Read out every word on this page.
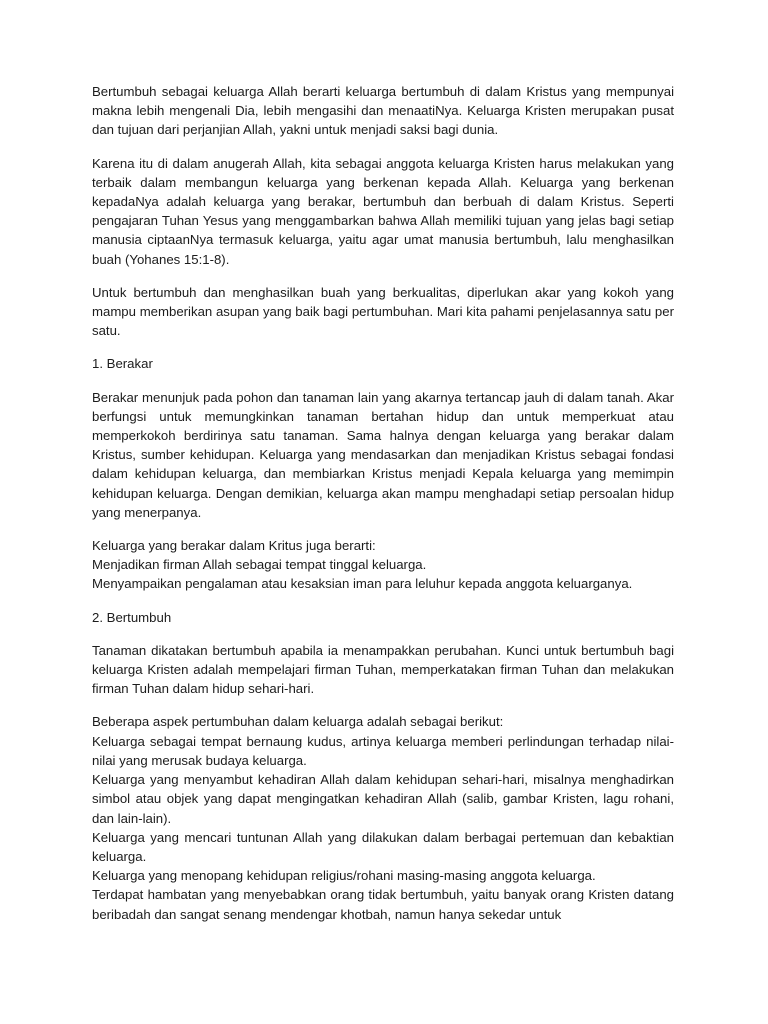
Bertumbuh sebagai keluarga Allah berarti keluarga bertumbuh di dalam Kristus yang mempunyai makna lebih mengenali Dia, lebih mengasihi dan menaatiNya. Keluarga Kristen merupakan pusat dan tujuan dari perjanjian Allah, yakni untuk menjadi saksi bagi dunia.

Karena itu di dalam anugerah Allah, kita sebagai anggota keluarga Kristen harus melakukan yang terbaik dalam membangun keluarga yang berkenan kepada Allah. Keluarga yang berkenan kepadaNya adalah keluarga yang berakar, bertumbuh dan berbuah di dalam Kristus. Seperti pengajaran Tuhan Yesus yang menggambarkan bahwa Allah memiliki tujuan yang jelas bagi setiap manusia ciptaanNya termasuk keluarga, yaitu agar umat manusia bertumbuh, lalu menghasilkan buah (Yohanes 15:1-8).

Untuk bertumbuh dan menghasilkan buah yang berkualitas, diperlukan akar yang kokoh yang mampu memberikan asupan yang baik bagi pertumbuhan. Mari kita pahami penjelasannya satu per satu.

1. Berakar

Berakar menunjuk pada pohon dan tanaman lain yang akarnya tertancap jauh di dalam tanah. Akar berfungsi untuk memungkinkan tanaman bertahan hidup dan untuk memperkuat atau memperkokoh berdirinya satu tanaman. Sama halnya dengan keluarga yang berakar dalam Kristus, sumber kehidupan. Keluarga yang mendasarkan dan menjadikan Kristus sebagai fondasi dalam kehidupan keluarga, dan membiarkan Kristus menjadi Kepala keluarga yang memimpin kehidupan keluarga. Dengan demikian, keluarga akan mampu menghadapi setiap persoalan hidup yang menerpanya.

Keluarga yang berakar dalam Kritus juga berarti:

Menjadikan firman Allah sebagai tempat tinggal keluarga.

Menyampaikan pengalaman atau kesaksian iman para leluhur kepada anggota keluarganya.

2. Bertumbuh

Tanaman dikatakan bertumbuh apabila ia menampakkan perubahan. Kunci untuk bertumbuh bagi keluarga Kristen adalah mempelajari firman Tuhan, memperkatakan firman Tuhan dan melakukan firman Tuhan dalam hidup sehari-hari.

Beberapa aspek pertumbuhan dalam keluarga adalah sebagai berikut:

Keluarga sebagai tempat bernaung kudus, artinya keluarga memberi perlindungan terhadap nilai-nilai yang merusak budaya keluarga.

Keluarga yang menyambut kehadiran Allah dalam kehidupan sehari-hari, misalnya menghadirkan simbol atau objek yang dapat mengingatkan kehadiran Allah (salib, gambar Kristen, lagu rohani, dan lain-lain).

Keluarga yang mencari tuntunan Allah yang dilakukan dalam berbagai pertemuan dan kebaktian keluarga.

Keluarga yang menopang kehidupan religius/rohani masing-masing anggota keluarga.

Terdapat hambatan yang menyebabkan orang tidak bertumbuh, yaitu banyak orang Kristen datang beribadah dan sangat senang mendengar khotbah, namun hanya sekedar untuk
